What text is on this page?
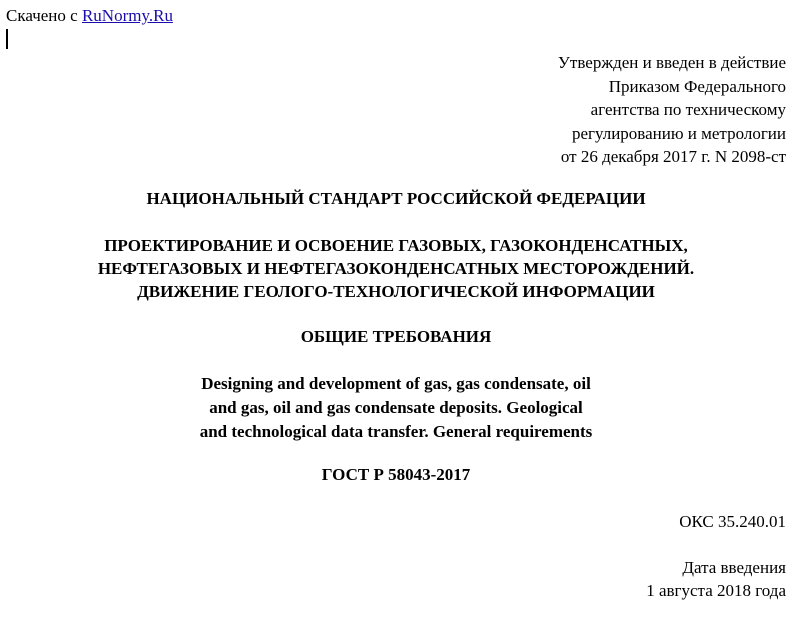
Скачено с RuNormy.Ru
Утвержден и введен в действие
Приказом Федерального
агентства по техническому
регулированию и метрологии
от 26 декабря 2017 г. N 2098-ст
НАЦИОНАЛЬНЫЙ СТАНДАРТ РОССИЙСКОЙ ФЕДЕРАЦИИ
ПРОЕКТИРОВАНИЕ И ОСВОЕНИЕ ГАЗОВЫХ, ГАЗОКОНДЕНСАТНЫХ,
НЕФТЕГАЗОВЫХ И НЕФТЕГАЗОКОНДЕНСАТНЫХ МЕСТОРОЖДЕНИЙ.
ДВИЖЕНИЕ ГЕОЛОГО-ТЕХНОЛОГИЧЕСКОЙ ИНФОРМАЦИИ
ОБЩИЕ ТРЕБОВАНИЯ
Designing and development of gas, gas condensate, oil
and gas, oil and gas condensate deposits. Geological
and technological data transfer. General requirements
ГОСТ Р 58043-2017
ОКС 35.240.01
Дата введения
1 августа 2018 года
